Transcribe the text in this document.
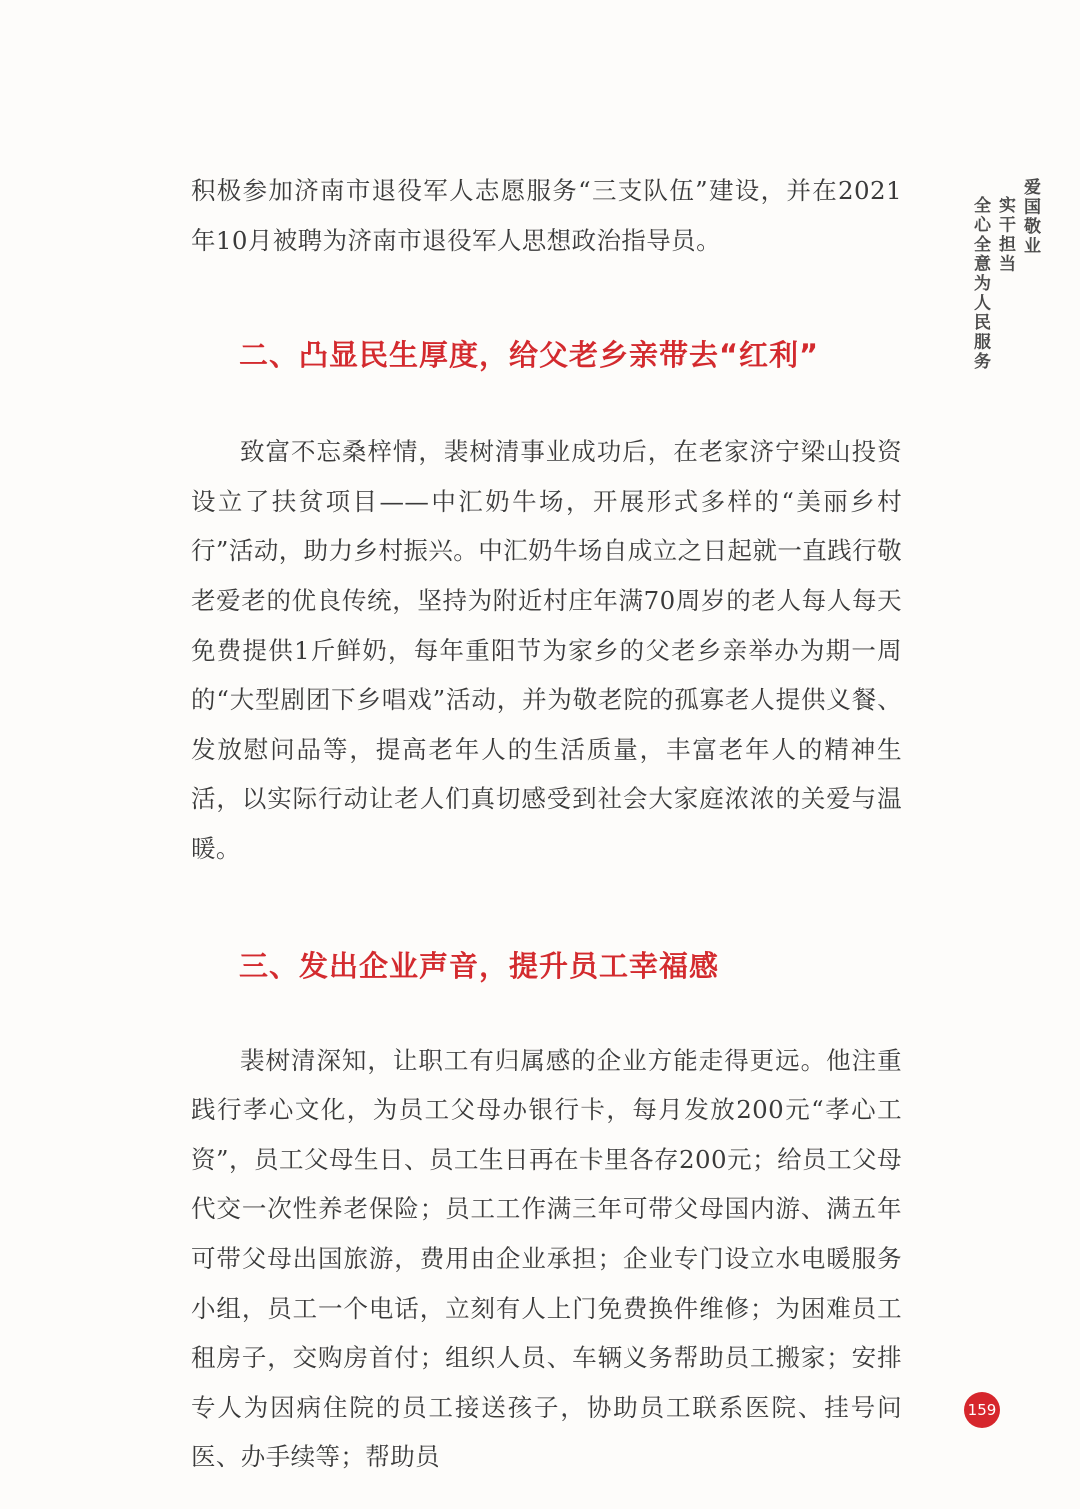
积极参加济南市退役军人志愿服务“三支队伍”建设，并在2021年10月被聘为济南市退役军人思想政治指导员。

二、凸显民生厚度，给父老乡亲带去“红利”

致富不忘桑梓情，裴树清事业成功后，在老家济宁梁山投资设立了扶贫项目——中汇奶牛场，开展形式多样的“美丽乡村行”活动，助力乡村振兴。中汇奶牛场自成立之日起就一直践行敬老爱老的优良传统，坚持为附近村庄年满70周岁的老人每人每天免费提供1斤鲜奶，每年重阳节为家乡的父老乡亲举办为期一周的“大型剧团下乡唱戏”活动，并为敬老院的孤寡老人提供义餐、发放慰问品等，提高老年人的生活质量，丰富老年人的精神生活，以实际行动让老人们真切感受到社会大家庭浓浓的关爱与温暖。

三、发出企业声音，提升员工幸福感

裴树清深知，让职工有归属感的企业方能走得更远。他注重践行孝心文化，为员工父母办银行卡，每月发放200元“孝心工资”，员工父母生日、员工生日再在卡里各存200元；给员工父母代交一次性养老保险；员工工作满三年可带父母国内游、满五年可带父母出国旅游，费用由企业承担；企业专门设立水电暖服务小组，员工一个电话，立刻有人上门免费换件维修；为困难员工租房子，交购房首付；组织人员、车辆义务帮助员工搬家；安排专人为因病住院的员工接送孩子，协助员工联系医院、挂号问医、办手续等；帮助员

爱国敬业
实干担当
全心全意为人民服务
159
